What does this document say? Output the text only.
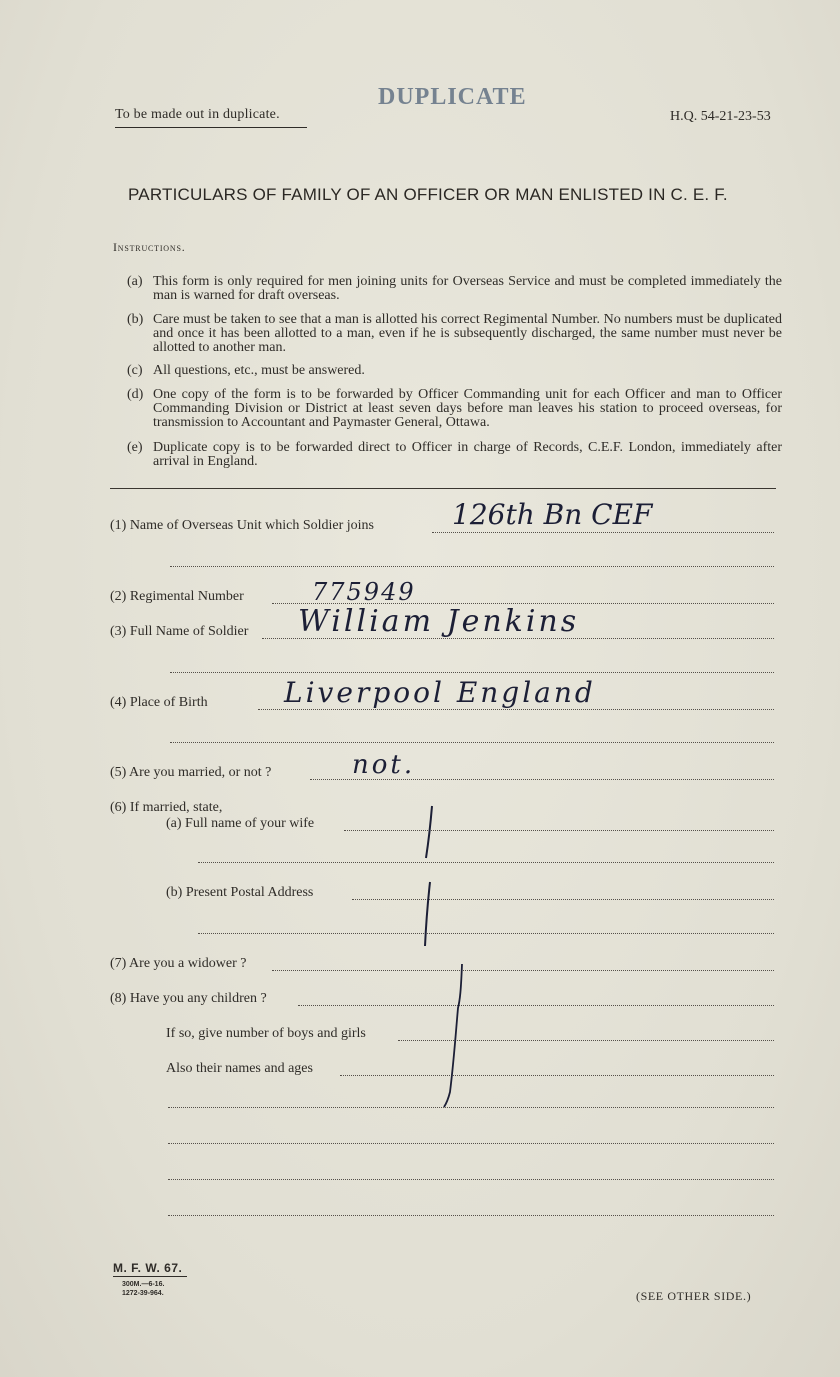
To be made out in duplicate.
DUPLICATE
H.Q. 54-21-23-53
PARTICULARS OF FAMILY OF AN OFFICER OR MAN ENLISTED IN C. E. F.
Instructions.
(a) This form is only required for men joining units for Overseas Service and must be completed immediately the man is warned for draft overseas.
(b) Care must be taken to see that a man is allotted his correct Regimental Number. No numbers must be duplicated and once it has been allotted to a man, even if he is subsequently discharged, the same number must never be allotted to another man.
(c) All questions, etc., must be answered.
(d) One copy of the form is to be forwarded by Officer Commanding unit for each Officer and man to Officer Commanding Division or District at least seven days before man leaves his station to proceed overseas, for transmission to Accountant and Paymaster General, Ottawa.
(e) Duplicate copy is to be forwarded direct to Officer in charge of Records, C.E.F. London, immediately after arrival in England.
(1) Name of Overseas Unit which Soldier joins	126th Bn CEF
(2) Regimental Number	775949
(3) Full Name of Soldier William Jenkins
(4) Place of Birth	Liverpool England
(5) Are you married, or not ?	not.
(6) If married, state,
(a) Full name of your wife
(b) Present Postal Address
(7) Are you a widower ?
(8) Have you any children ?
If so, give number of boys and girls
Also their names and ages
M. F. W. 67.
300M.—6-16.
1272-39-964.	(SEE OTHER SIDE.)
